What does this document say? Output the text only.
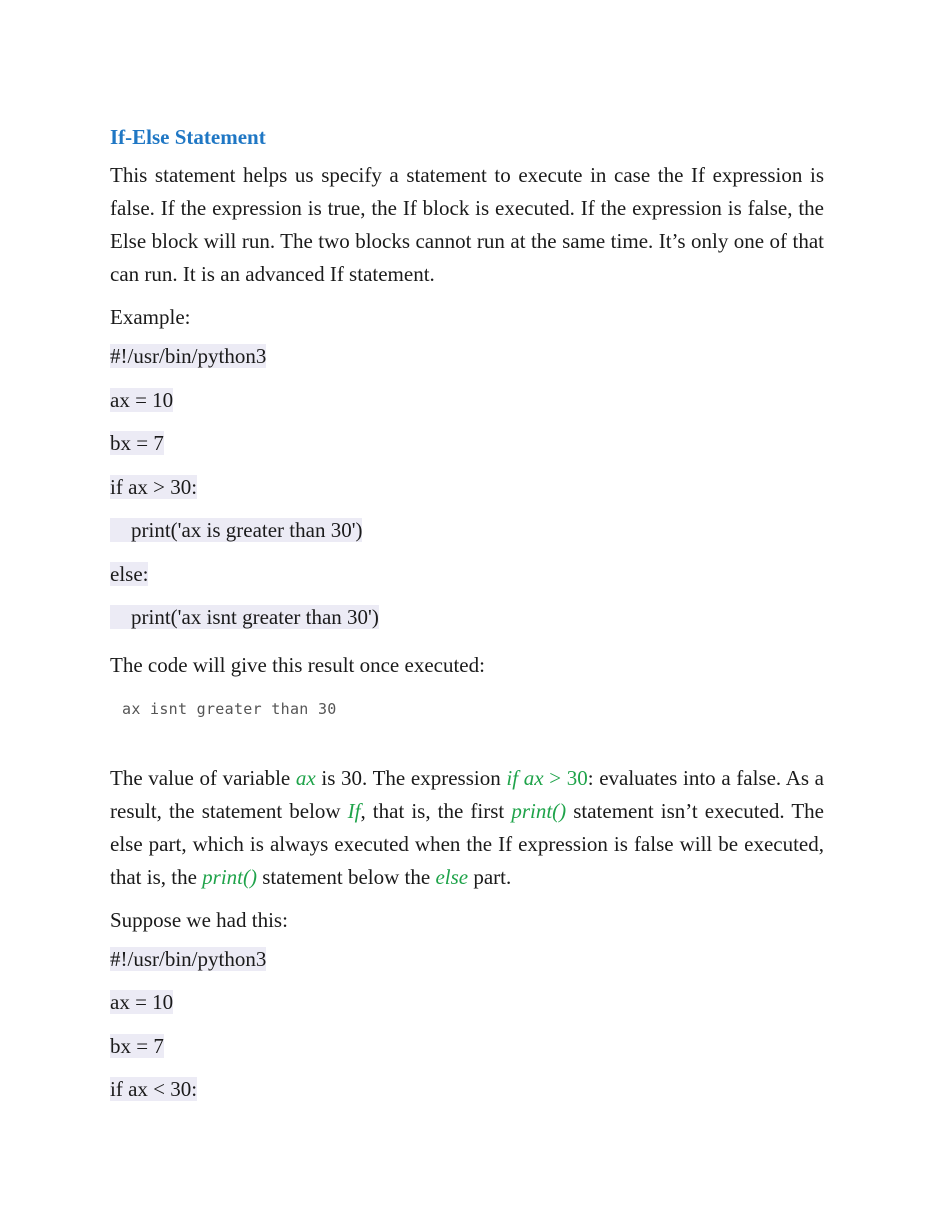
If-Else Statement

This statement helps us specify a statement to execute in case the If expression is false. If the expression is true, the If block is executed. If the expression is false, the Else block will run. The two blocks cannot run at the same time. It’s only one of that can run. It is an advanced If statement.

Example:
#!/usr/bin/python3
ax = 10
bx = 7
if ax > 30:
print('ax is greater than 30')
else:
print('ax isnt greater than 30')
The code will give this result once executed:
ax isnt greater than 30

The value of variable ax is 30. The expression if ax > 30: evaluates into a false. As a result, the statement below If, that is, the first print() statement isn’t executed. The else part, which is always executed when the If expression is false will be executed, that is, the print() statement below the else part.

Suppose we had this:
#!/usr/bin/python3
ax = 10
bx = 7
if ax < 30:
